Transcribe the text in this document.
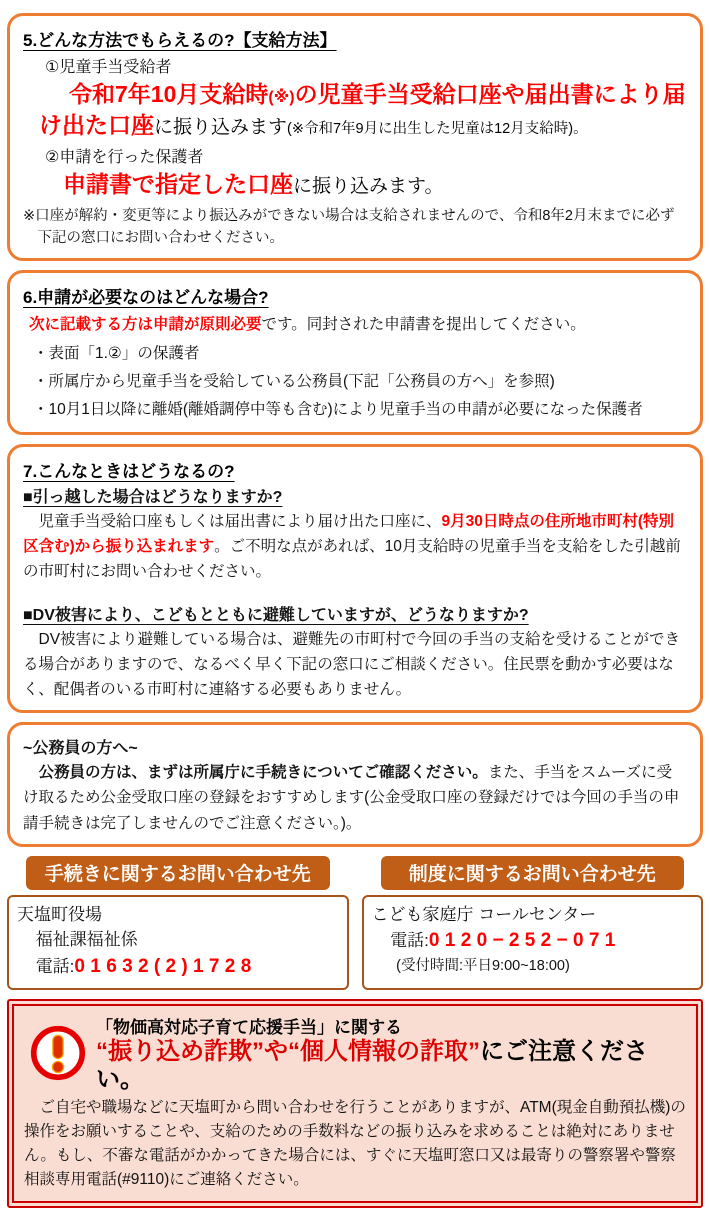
5.どんな方法でもらえるの?【支給方法】

①児童手当受給者

令和7年10月支給時(※)の児童手当受給口座や届出書により届け出た口座に振り込みます(※令和7年9月に出生した児童は12月支給時)。

②申請を行った保護者

申請書で指定した口座に振り込みます。

※口座が解約・変更等により振込みができない場合は支給されませんので、令和8年2月末までに必ず下記の窓口にお問い合わせください。

6.申請が必要なのはどんな場合?

次に記載する方は申請が原則必要です。同封された申請書を提出してください。

・表面「1.②」の保護者
・所属庁から児童手当を受給している公務員(下記「公務員の方へ」を参照)
・10月1日以降に離婚(離婚調停中等も含む)により児童手当の申請が必要になった保護者
7.こんなときはどうなるの?
■引っ越した場合はどうなりますか?

児童手当受給口座もしくは届出書により届け出た口座に、9月30日時点の住所地市町村(特別区含む)から振り込まれます。ご不明な点があれば、10月支給時の児童手当を支給をした引越前の市町村にお問い合わせください。

■DV被害により、こどもとともに避難していますが、どうなりますか?

DV被害により避難している場合は、避難先の市町村で今回の手当の支給を受けることができる場合がありますので、なるべく早く下記の窓口にご相談ください。住民票を動かす必要はなく、配偶者のいる市町村に連絡する必要もありません。

~公務員の方へ~

公務員の方は、まずは所属庁に手続きについてご確認ください。また、手当をスムーズに受け取るため公金受取口座の登録をおすすめします(公金受取口座の登録だけでは今回の手当の申請手続きは完了しませんのでご注意ください。)。

手続きに関するお問い合わせ先
天塩町役場
福祉課福祉係
電話:01632(2)1728
制度に関するお問い合わせ先
こども家庭庁 コールセンター
電話:0120−252−071
(受付時間:平日9:00~18:00)
「物価高対応子育て応援手当」に関する
“振り込め詐欺”や“個人情報の詐取”にご注意ください。

ご自宅や職場などに天塩町から問い合わせを行うことがありますが、ATM(現金自動預払機)の操作をお願いすることや、支給のための手数料などの振り込みを求めることは絶対にありません。もし、不審な電話がかかってきた場合には、すぐに天塩町窓口又は最寄りの警察署や警察相談専用電話(#9110)にご連絡ください。
